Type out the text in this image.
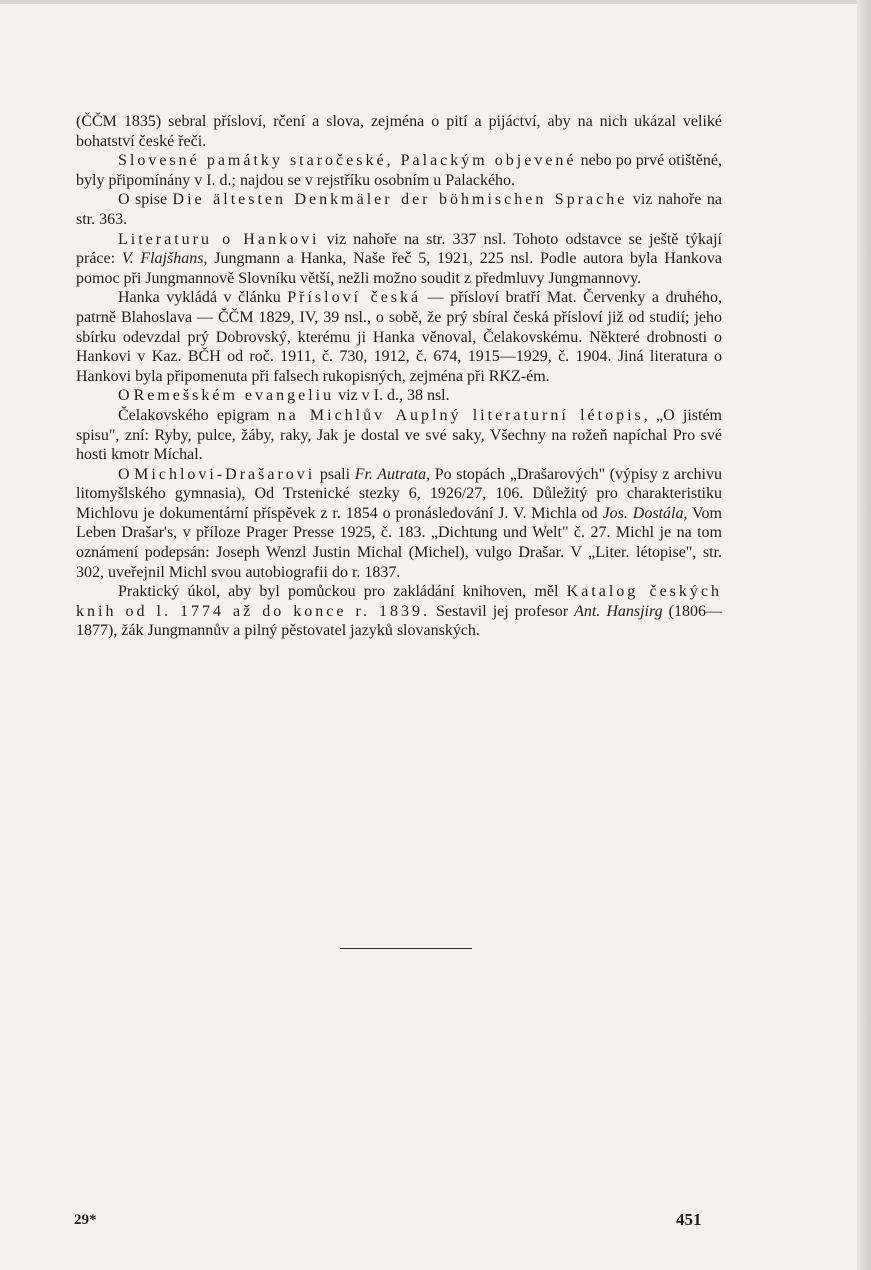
(ČČM 1835) sebral přísloví, rčení a slova, zejména o pití a pijáctví, aby na nich ukázal veliké bohatství české řeči.

Slovesné památky staročeské, Palackým objevené nebo po prvé otištěné, byly připomínány v I. d.; najdou se v rejstříku osobním u Palackého.

O spise Die ältesten Denkmäler der böhmischen Sprache viz nahoře na str. 363.

Literaturu o Hankovi viz nahoře na str. 337 nsl. Tohoto odstavce se ještě týkají práce: V. Flajšhans, Jungmann a Hanka, Naše řeč 5, 1921, 225 nsl. Podle autora byla Hankova pomoc při Jungmannově Slovníku větší, nežli možno soudit z předmluvy Jungmannovy.

Hanka vykládá v článku Přísloví česká — přísloví bratří Mat. Červenky a druhého, patrně Blahoslava — ČČM 1829, IV, 39 nsl., o sobě, že prý sbíral česká přísloví již od studií; jeho sbírku odevzdal prý Dobrovský, kterému ji Hanka věnoval, Čelakovskému. Některé drobnosti o Hankovi v Kaz. BČH od roč. 1911, č. 730, 1912, č. 674, 1915—1929, č. 1904. Jiná literatura o Hankovi byla připomenuta při falsech rukopisných, zejména při RKZ-ém.

O Remešském evangeliu viz v I. d., 38 nsl.

Čelakovského epigram na Michlův Auplný literaturní létopis, „O jistém spisu", zní: Ryby, pulce, žáby, raky, Jak je dostal ve své saky, Všechny na rožeň napíchal Pro své hosti kmotr Míchal.

O Michlovi-Drašarovi psali Fr. Autrata, Po stopách „Drašarových" (výpisy z archivu litomyšlského gymnasia), Od Trstenické stezky 6, 1926/27, 106. Důležitý pro charakteristiku Michlovu je dokumentární příspěvek z r. 1854 o pronásledování J. V. Michla od Jos. Dostála, Vom Leben Drašar's, v příloze Prager Presse 1925, č. 183. „Dichtung und Welt" č. 27. Michl je na tom oznámení podepsán: Joseph Wenzl Justin Michal (Michel), vulgo Drašar. V „Liter. létopise", str. 302, uveřejnil Michl svou autobiografii do r. 1837.

Praktický úkol, aby byl pomůckou pro zakládání knihoven, měl Katalog českých knih od l. 1774 až do konce r. 1839. Sestavil jej profesor Ant. Hansjirg (1806—1877), žák Jungmannův a pilný pěstovatel jazyků slovanských.

29*	451
